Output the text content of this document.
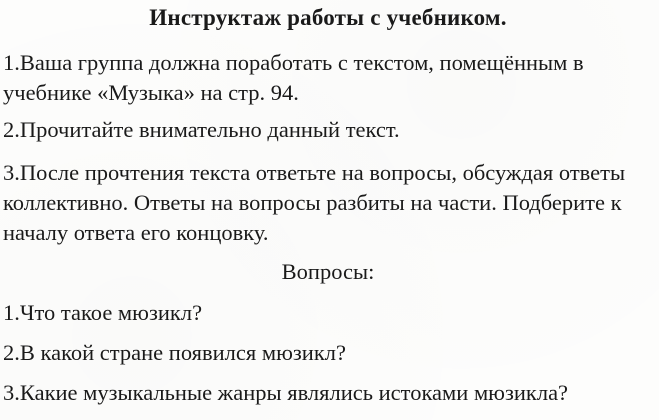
Инструктаж работы с учебником.

1.Ваша группа должна поработать с текстом, помещённым в
учебнике «Музыка» на стр. 94.

2.Прочитайте внимательно данный текст.

3.После прочтения текста ответьте на вопросы, обсуждая ответы
коллективно. Ответы на вопросы разбиты на части. Подберите к
началу ответа его концовку.

Вопросы:

1.Что такое мюзикл?

2.В какой стране появился мюзикл?

3.Какие музыкальные жанры являлись истоками мюзикла?
